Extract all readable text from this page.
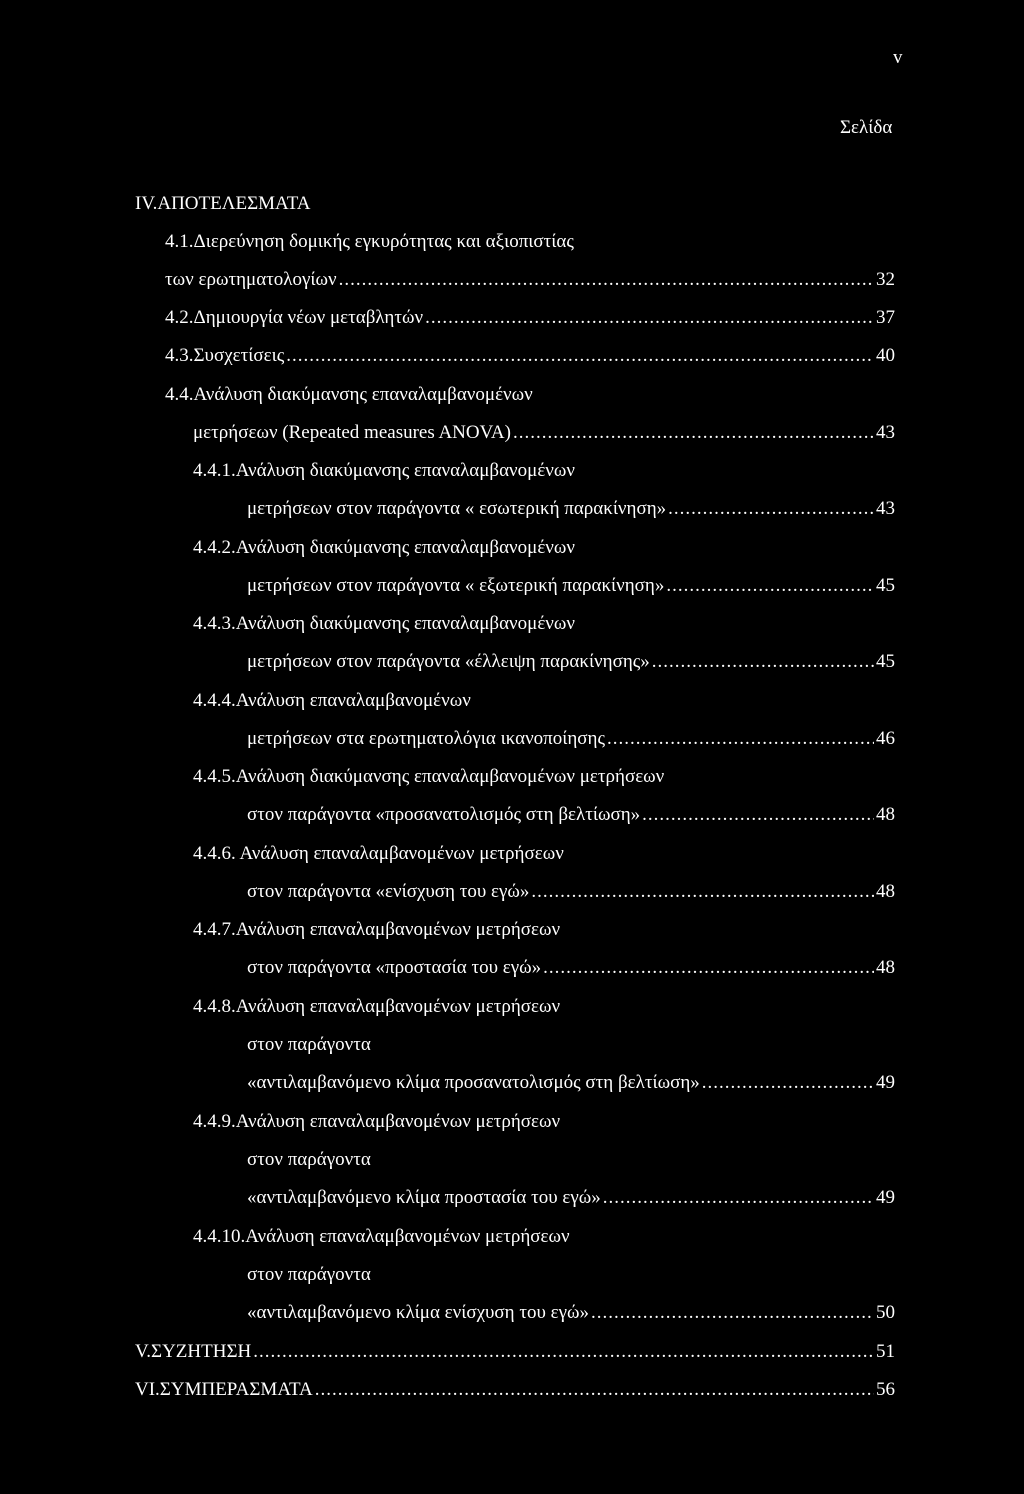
v
Σελίδα
IV.ΑΠΟΤΕΛΕΣΜΑΤΑ
4.1.Διερεύνηση δομικής εγκυρότητας και αξιοπιστίας
των ερωτηματολογίων .....	32
4.2.Δημιουργία νέων μεταβλητών .....	37
4.3.Συσχετίσεις .....	40
4.4.Ανάλυση διακύμανσης επαναλαμβανομένων
μετρήσεων (Repeated measures ANOVA) .....	43
4.4.1.Ανάλυση διακύμανσης επαναλαμβανομένων
μετρήσεων στον παράγοντα « εσωτερική παρακίνηση» .....	43
4.4.2.Ανάλυση διακύμανσης επαναλαμβανομένων
μετρήσεων στον παράγοντα « εξωτερική παρακίνηση» .....	45
4.4.3.Ανάλυση διακύμανσης επαναλαμβανομένων
μετρήσεων στον παράγοντα «έλλειψη παρακίνησης» .....	45
4.4.4.Ανάλυση επαναλαμβανομένων
μετρήσεων στα ερωτηματολόγια ικανοποίησης .....	46
4.4.5.Ανάλυση διακύμανσης επαναλαμβανομένων μετρήσεων
στον παράγοντα «προσανατολισμός στη βελτίωση» .....	48
4.4.6. Ανάλυση επαναλαμβανομένων μετρήσεων
στον παράγοντα «ενίσχυση του εγώ» .....	48
4.4.7.Ανάλυση επαναλαμβανομένων μετρήσεων
στον παράγοντα «προστασία του εγώ» .....	48
4.4.8.Ανάλυση επαναλαμβανομένων μετρήσεων
στον παράγοντα
«αντιλαμβανόμενο κλίμα προσανατολισμός στη βελτίωση» .....	49
4.4.9.Ανάλυση επαναλαμβανομένων μετρήσεων
στον παράγοντα
«αντιλαμβανόμενο κλίμα προστασία του εγώ» .....	49
4.4.10.Ανάλυση επαναλαμβανομένων μετρήσεων
στον παράγοντα
«αντιλαμβανόμενο κλίμα ενίσχυση του εγώ» .....	50
V.ΣΥΖΗΤΗΣΗ .....	51
VI.ΣΥΜΠΕΡΑΣΜΑΤΑ .....	56
